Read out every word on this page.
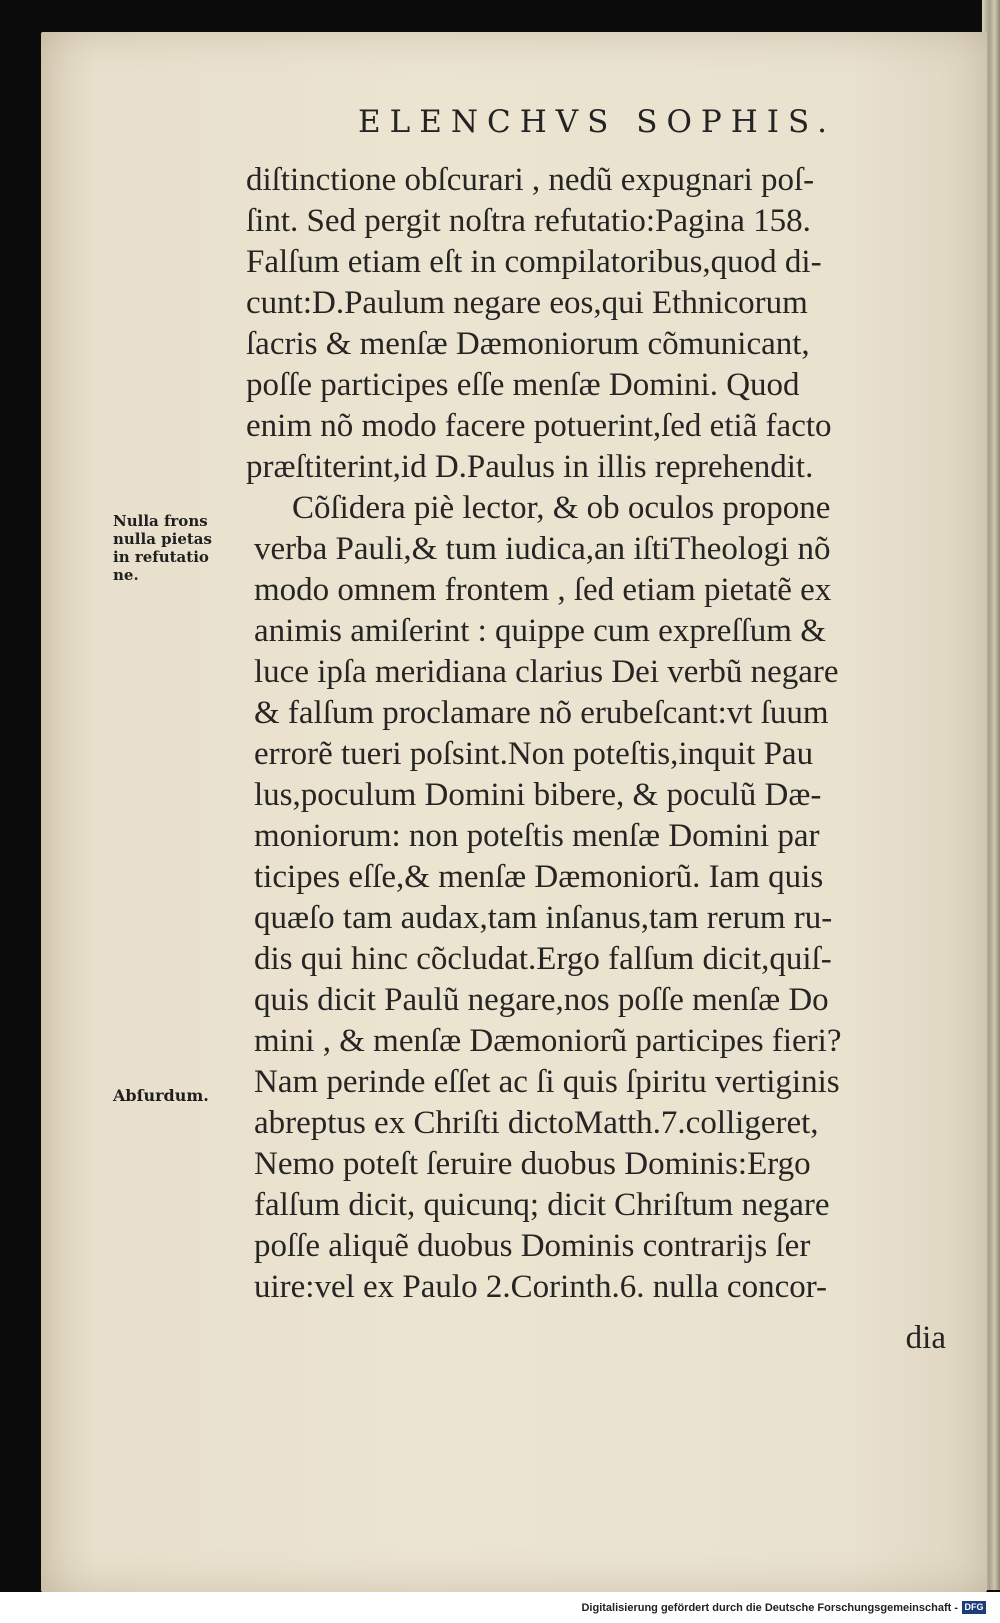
ELENCHVS SOPHIS.
diſtinctione obſcurari , nedũ expugnari poſ-
ſint. Sed pergit noſtra refutatio:Pagina 158.
Falſum etiam eſt in compilatoribus,quod di-
cunt:D.Paulum negare eos,qui Ethnicorum
ſacris & menſæ Dæmoniorum cõmunicant,
poſſe participes eſſe menſæ Domini. Quod
enim nõ modo facere potuerint,ſed etiã facto
prӕſtiterint,id D.Paulus in illis reprehendit.
Cõſidera piè lector, & ob oculos propone
verba Pauli,& tum iudica,an iſtiTheologi nõ
modo omnem frontem , ſed etiam pietatẽ ex
animis amiſerint : quippe cum expreſſum &
luce ipſa meridiana clarius Dei verbũ negare
& falſum proclamare nõ erubeſcant:vt ſuum
errorẽ tueri poſsint.Non poteſtis,inquit Pau
lus,poculum Domini bibere, & poculũ Dæ-
moniorum: non poteſtis menſæ Domini par
ticipes eſſe,& menſæ Dæmoniorũ. Iam quis
quӕſo tam audax,tam inſanus,tam rerum ru-
dis qui hinc cõcludat.Ergo falſum dicit,quiſ-
quis dicit Paulũ negare,nos poſſe menſæ Do
mini , & menſæ Dæmoniorũ participes fieri?
Nam perinde eſſet ac ſi quis ſpiritu vertiginis
abreptus ex Chriſti dictoMatth.7.colligeret,
Nemo poteſt ſeruire duobus Dominis:Ergo
falſum dicit, quicunq; dicit Chriſtum negare
poſſe aliquẽ duobus Dominis contrarijs ſer
uire:vel ex Paulo 2.Corinth.6. nulla concor-
dia
Nulla frons
nulla pietas
in refutatio
ne.
Abſurdum.
Digitalisierung gefördert durch die Deutsche Forschungsgemeinschaft - DFG
